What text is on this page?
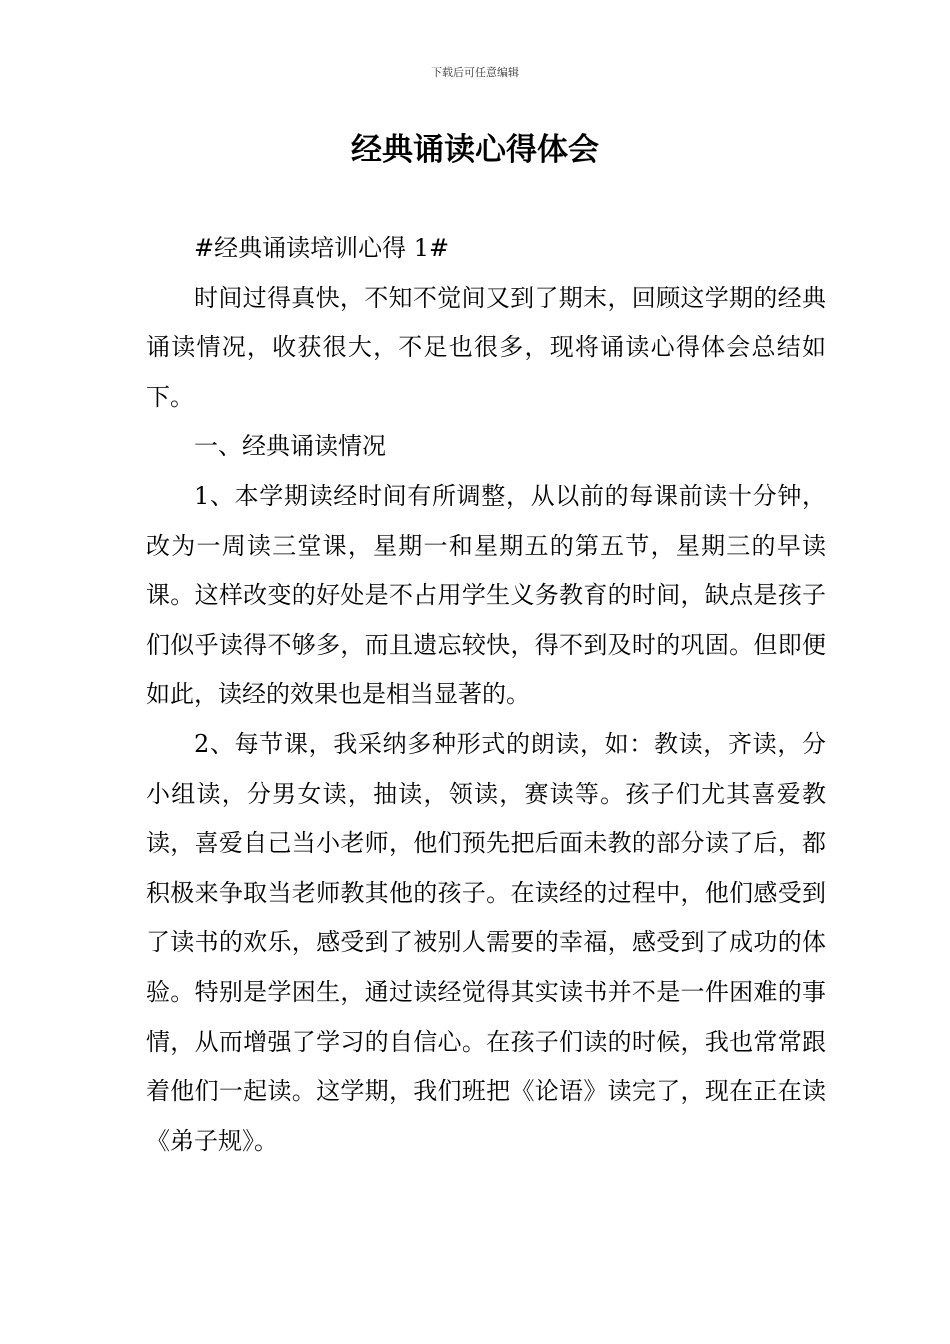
下载后可任意编辑
经典诵读心得体会

#经典诵读培训心得 1#

时间过得真快，不知不觉间又到了期末，回顾这学期的经典诵读情况，收获很大，不足也很多，现将诵读心得体会总结如下。

一、经典诵读情况

1、本学期读经时间有所调整，从以前的每课前读十分钟，改为一周读三堂课，星期一和星期五的第五节，星期三的早读课。这样改变的好处是不占用学生义务教育的时间，缺点是孩子们似乎读得不够多，而且遗忘较快，得不到及时的巩固。但即便如此，读经的效果也是相当显著的。

2、每节课，我采纳多种形式的朗读，如：教读，齐读，分小组读，分男女读，抽读，领读，赛读等。孩子们尤其喜爱教读，喜爱自己当小老师，他们预先把后面未教的部分读了后，都积极来争取当老师教其他的孩子。在读经的过程中，他们感受到了读书的欢乐，感受到了被别人需要的幸福，感受到了成功的体验。特别是学困生，通过读经觉得其实读书并不是一件困难的事情，从而增强了学习的自信心。在孩子们读的时候，我也常常跟着他们一起读。这学期，我们班把《论语》读完了，现在正在读《弟子规》。
